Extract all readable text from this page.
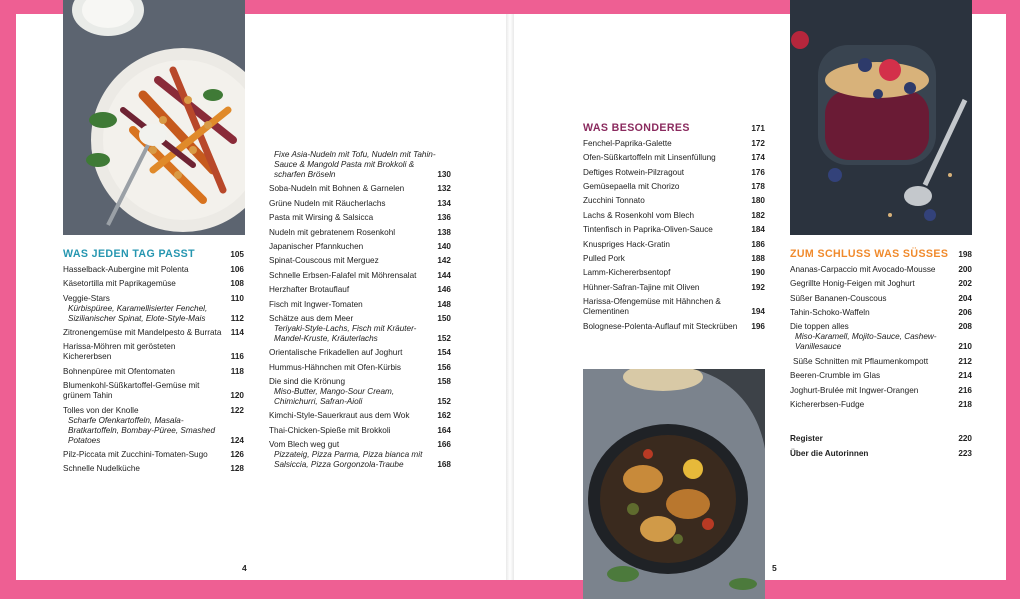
WAS JEDEN TAG PASST	105
Hasselback-Aubergine mit Polenta	106
Käsetortilla mit Paprikagemüse	108
Veggie-Stars	110
Kürbispüree, Karamellisierter Fenchel, Sizilianischer Spinat, Elote-Style-Mais	112
Zitronengemüse mit Mandelpesto & Burrata	114
Harissa-Möhren mit gerösteten Kichererbsen	116
Bohnenpüree mit Ofentomaten	118
Blumenkohl-Süßkartoffel-Gemüse mit grünem Tahin	120
Tolles von der Knolle	122
Scharfe Ofenkartoffeln, Masala-Bratkartoffeln, Bombay-Püree, Smashed Potatoes	124
Pilz-Piccata mit Zucchini-Tomaten-Sugo	126
Schnelle Nudelküche	128
Fixe Asia-Nudeln mit Tofu, Nudeln mit Tahin-Sauce & Mangold Pasta mit Brokkoli & scharfen Bröseln	130
Soba-Nudeln mit Bohnen & Garnelen	132
Grüne Nudeln mit Räucherlachs	134
Pasta mit Wirsing & Salsicca	136
Nudeln mit gebratenem Rosenkohl	138
Japanischer Pfannkuchen	140
Spinat-Couscous mit Merguez	142
Schnelle Erbsen-Falafel mit Möhrensalat	144
Herzhafter Brotauflauf	146
Fisch mit Ingwer-Tomaten	148
Schätze aus dem Meer	150
Teriyaki-Style-Lachs, Fisch mit Kräuter-Mandel-Kruste, Kräuterlachs	152
Orientalische Frikadellen auf Joghurt	154
Hummus-Hähnchen mit Ofen-Kürbis	156
Die sind die Krönung	158
Miso-Butter, Mango-Sour Cream, Chimichurri, Safran-Aioli	152
Kimchi-Style-Sauerkraut aus dem Wok	162
Thai-Chicken-Spieße mit Brokkoli	164
Vom Blech weg gut	166
Pizzateig, Pizza Parma, Pizza bianca mit Salsiccia, Pizza Gorgonzola-Traube	168
WAS BESONDERES	171
Fenchel-Paprika-Galette	172
Ofen-Süßkartoffeln mit Linsenfüllung	174
Deftiges Rotwein-Pilzragout	176
Gemüsepaella mit Chorizo	178
Zucchini Tonnato	180
Lachs & Rosenkohl vom Blech	182
Tintenfisch in Paprika-Oliven-Sauce	184
Knuspriges Hack-Gratin	186
Pulled Pork	188
Lamm-Kichererbsentopf	190
Hühner-Safran-Tajine mit Oliven	192
Harissa-Ofengemüse mit Hähnchen & Clementinen	194
Bolognese-Polenta-Auflauf mit Steckrüben	196
ZUM SCHLUSS WAS SÜSSES 198
Ananas-Carpaccio mit Avocado-Mousse	200
Gegrillte Honig-Feigen mit Joghurt	202
Süßer Bananen-Couscous	204
Tahin-Schoko-Waffeln	206
Die toppen alles	208
Miso-Karamell, Mojito-Sauce, Cashew-Vanillesauce	210
Süße Schnitten mit Pflaumenkompott	212
Beeren-Crumble im Glas	214
Joghurt-Brulée mit Ingwer-Orangen	216
Kichererbsen-Fudge	218
Register	220
Über die Autorinnen	223
4	5
